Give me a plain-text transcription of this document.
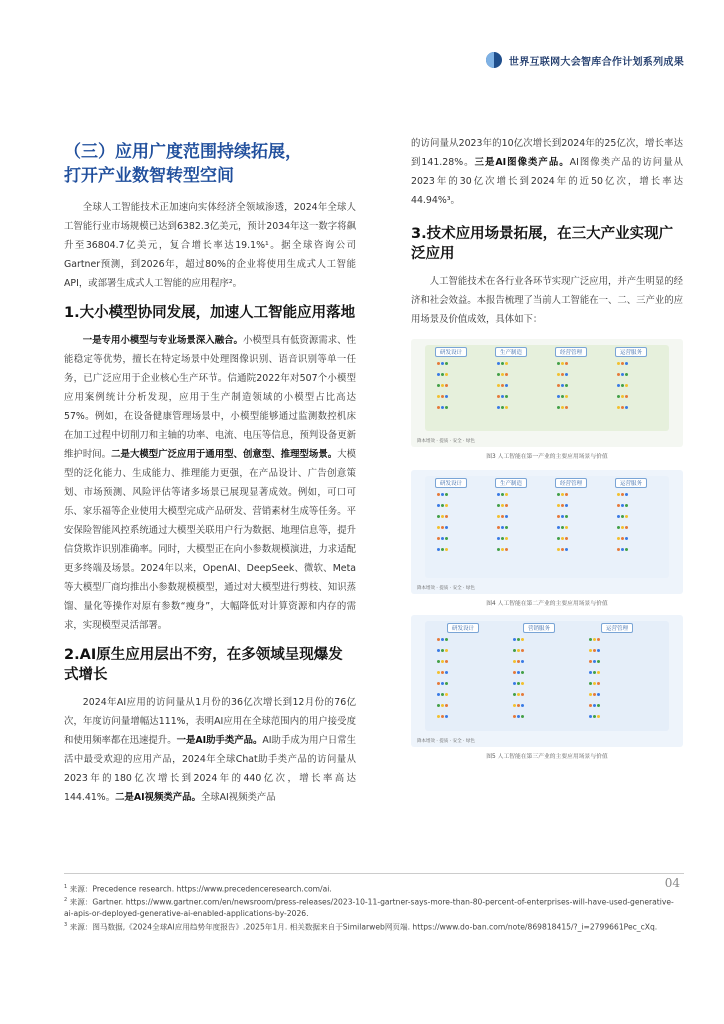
世界互联网大会智库合作计划系列成果
（三）应用广度范围持续拓展，
打开产业数智转型空间

全球人工智能技术正加速向实体经济全领域渗透，2024年全球人工智能行业市场规模已达到6382.3亿美元，预计2034年这一数字将飙升至36804.7亿美元，复合增长率达19.1%¹。据全球咨询公司Gartner预测，到2026年，超过80%的企业将使用生成式人工智能API，或部署生成式人工智能的应用程序²。

1.大小模型协同发展，加速人工智能应用落地

一是专用小模型与专业场景深入融合。小模型具有低资源需求、性能稳定等优势，擅长在特定场景中处理图像识别、语音识别等单一任务，已广泛应用于企业核心生产环节。信通院2022年对507个小模型应用案例统计分析发现，应用于生产制造领域的小模型占比高达57%。例如，在设备健康管理场景中，小模型能够通过监测数控机床在加工过程中切削刀和主轴的功率、电流、电压等信息，预判设备更新维护时间。二是大模型广泛应用于通用型、创意型、推理型场景。大模型的泛化能力、生成能力、推理能力更强，在产品设计、广告创意策划、市场预测、风险评估等诸多场景已展现显著成效。例如，可口可乐、家乐福等企业使用大模型完成产品研发、营销素材生成等任务。平安保险智能风控系统通过大模型关联用户行为数据、地理信息等，提升信贷欺诈识别准确率。同时，大模型正在向小参数规模演进，力求适配更多终端及场景。2024年以来，OpenAI、DeepSeek、微软、Meta等大模型厂商均推出小参数规模模型，通过对大模型进行剪枝、知识蒸馏、量化等操作对原有参数“瘦身”，大幅降低对计算资源和内存的需求，实现模型灵活部署。

2.AI原生应用层出不穷，在多领域呈现爆发式增长

2024年AI应用的访问量从1月份的36亿次增长到12月份的76亿次，年度访问量增幅达111%，表明AI应用在全球范围内的用户接受度和使用频率都在迅速提升。一是AI助手类产品。AI助手成为用户日常生活中最受欢迎的应用产品，2024年全球Chat助手类产品的访问量从2023年的180亿次增长到2024年的440亿次，增长率高达144.41%。二是AI视频类产品。全球AI视频类产品

的访问量从2023年的10亿次增长到2024年的25亿次，增长率达到141.28%。三是AI图像类产品。AI图像类产品的访问量从2023年的30亿次增长到2024年的近50亿次，增长率达44.94%³。

3.技术应用场景拓展，在三大产业实现广泛应用

人工智能技术在各行业各环节实现广泛应用，并产生明显的经济和社会效益。本报告梳理了当前人工智能在一、二、三产业的应用场景及价值成效，具体如下：

研发设计	生产制造	经营管理	运营服务
降本增效 · 提质 · 安全 · 绿色
图3 人工智能在第一产业的主要应用场景与价值
研发设计	生产制造	经营管理	运营服务
降本增效 · 提质 · 安全 · 绿色
图4 人工智能在第二产业的主要应用场景与价值
研发设计	营销服务	运营管理
降本增效 · 提质 · 安全 · 绿色
图5 人工智能在第三产业的主要应用场景与价值
04
$^1$ 来源：Precedence research. https://www.precedenceresearch.com/ai.
$^2$ 来源：Gartner. https://www.gartner.com/en/newsroom/press-releases/2023-10-11-gartner-says-more-than-80-percent-of-enterprises-will-have-used-generative-ai-apis-or-deployed-generative-ai-enabled-applications-by-2026.
$^3$ 来源：图马数据,《2024全球AI应用趋势年度报告》.2025年1月. 相关数据来自于Similarweb网页端. https://www.do-ban.com/note/869818415/?_i=2799661Pec_cXq.
